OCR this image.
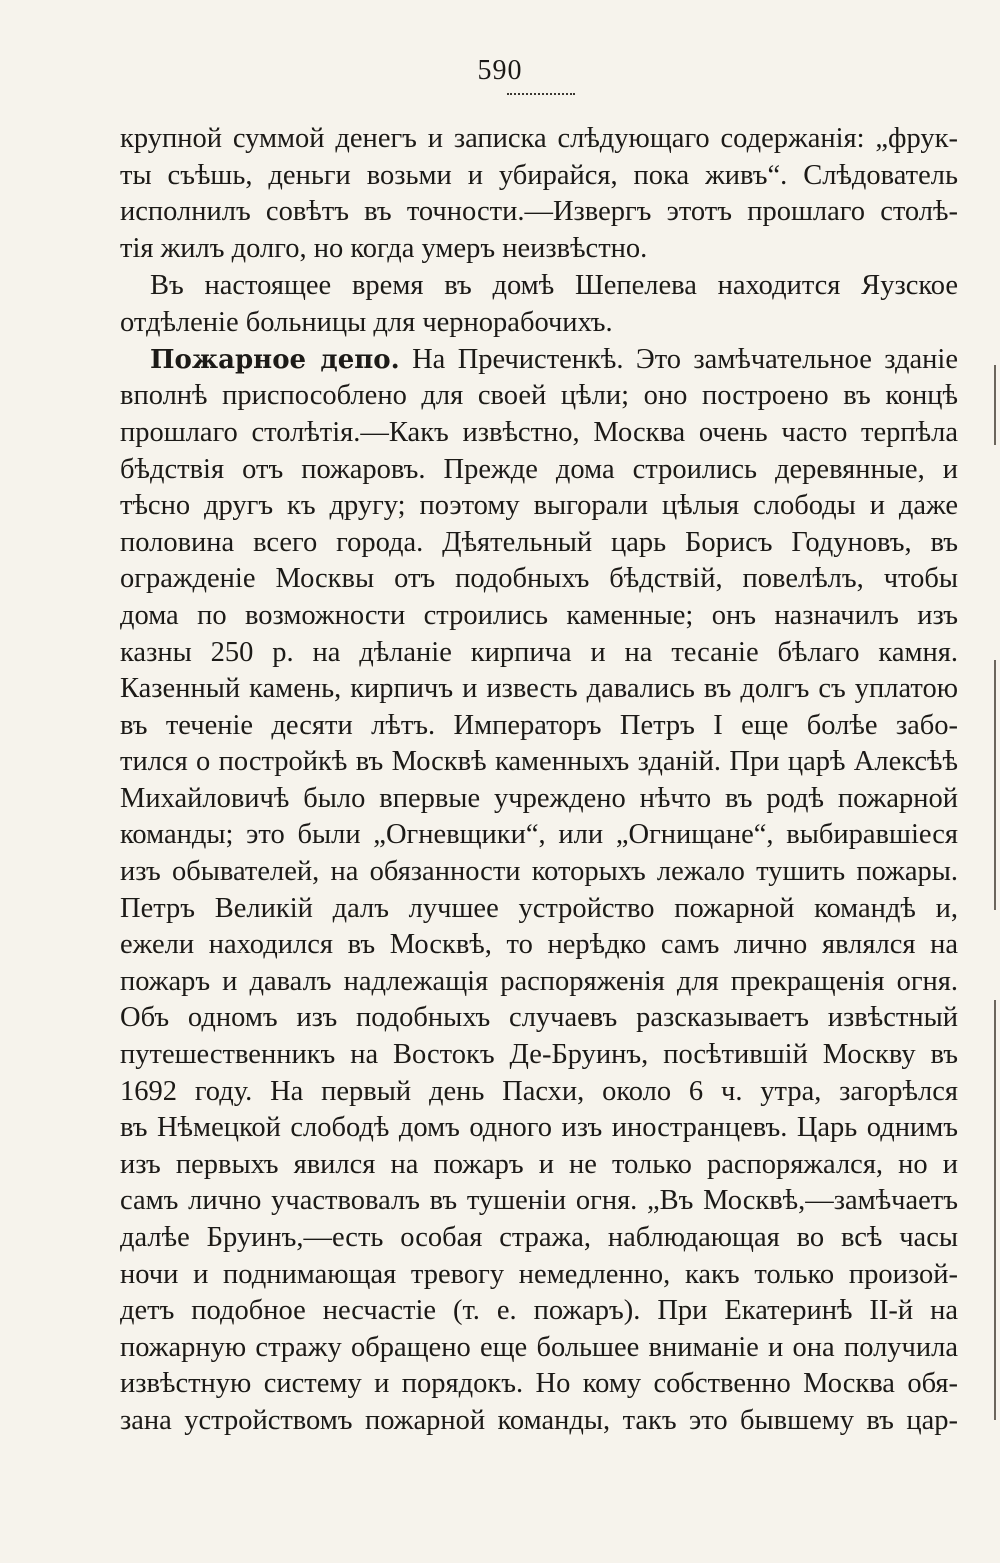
590
крупной суммой денегъ и записка слѣдующаго содержанія: „фрук-
ты съѣшь, деньги возьми и убирайся, пока живъ“. Слѣдователь
исполнилъ совѣтъ въ точности.—Извергъ этотъ прошлаго столѣ-
тія жилъ долго, но когда умеръ неизвѣстно.
Въ настоящее время въ домѣ Шепелева находится Яузское
отдѣленіе больницы для чернорабочихъ.
Пожарное депо. На Пречистенкѣ. Это замѣчательное зданіе
вполнѣ приспособлено для своей цѣли; оно построено въ концѣ
прошлаго столѣтія.—Какъ извѣстно, Москва очень часто терпѣла
бѣдствія отъ пожаровъ. Прежде дома строились деревянные, и
тѣсно другъ къ другу; поэтому выгорали цѣлыя слободы и даже
половина всего города. Дѣятельный царь Борисъ Годуновъ, въ
огражденіе Москвы отъ подобныхъ бѣдствій, повелѣлъ, чтобы
дома по возможности строились каменные; онъ назначилъ изъ
казны 250 р. на дѣланіе кирпича и на тесаніе бѣлаго камня.
Казенный камень, кирпичъ и известь давались въ долгъ съ уплатою
въ теченіе десяти лѣтъ. Императоръ Петръ I еще болѣе забо-
тился о постройкѣ въ Москвѣ каменныхъ зданій. При царѣ Алексѣѣ
Михайловичѣ было впервые учреждено нѣчто въ родѣ пожарной
команды; это были „Огневщики“, или „Огнищане“, выбиравшіеся
изъ обывателей, на обязанности которыхъ лежало тушить пожары.
Петръ Великій далъ лучшее устройство пожарной командѣ и,
ежели находился въ Москвѣ, то нерѣдко самъ лично являлся на
пожаръ и давалъ надлежащія распоряженія для прекращенія огня.
Объ одномъ изъ подобныхъ случаевъ разсказываетъ извѣстный
путешественникъ на Востокъ Де-Бруинъ, посѣтившій Москву въ
1692 году. На первый день Пасхи, около 6 ч. утра, загорѣлся
въ Нѣмецкой слободѣ домъ одного изъ иностранцевъ. Царь однимъ
изъ первыхъ явился на пожаръ и не только распоряжался, но и
самъ лично участвовалъ въ тушеніи огня. „Въ Москвѣ,—замѣчаетъ
далѣе Бруинъ,—есть особая стража, наблюдающая во всѣ часы
ночи и поднимающая тревогу немедленно, какъ только произой-
детъ подобное несчастіе (т. е. пожаръ). При Екатеринѣ II-й на
пожарную стражу обращено еще большее вниманіе и она получила
извѣстную систему и порядокъ. Но кому собственно Москва обя-
зана устройствомъ пожарной команды, такъ это бывшему въ цар-
